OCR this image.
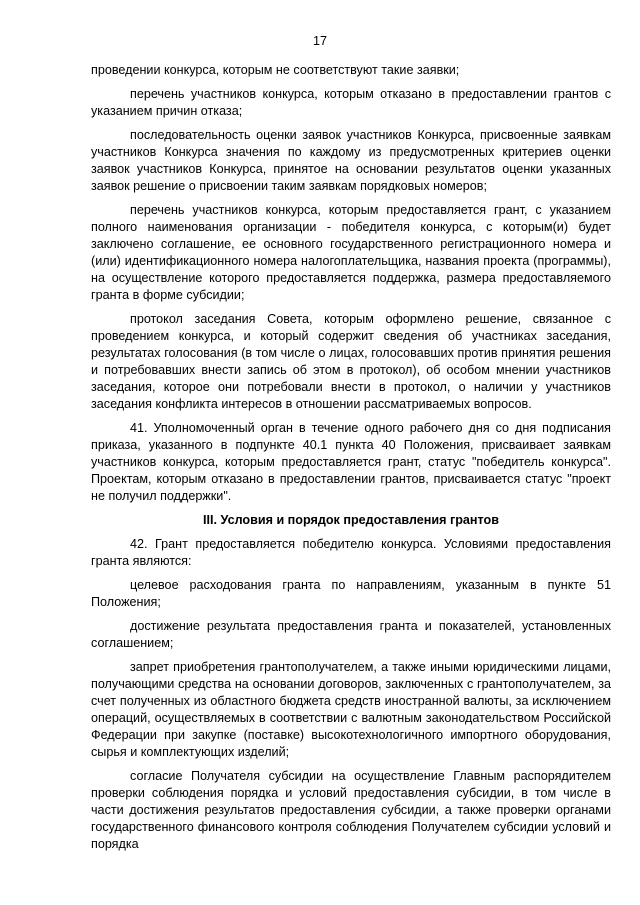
17

проведении конкурса, которым не соответствуют такие заявки;

перечень участников конкурса, которым отказано в предоставлении грантов с указанием причин отказа;

последовательность оценки заявок участников Конкурса, присвоенные заявкам участников Конкурса значения по каждому из предусмотренных критериев оценки заявок участников Конкурса, принятое на основании результатов оценки указанных заявок решение о присвоении таким заявкам порядковых номеров;

перечень участников конкурса, которым предоставляется грант, с указанием полного наименования организации - победителя конкурса, с которым(и) будет заключено соглашение, ее основного государственного регистрационного номера и (или) идентификационного номера налогоплательщика, названия проекта (программы), на осуществление которого предоставляется поддержка, размера предоставляемого гранта в форме субсидии;

протокол заседания Совета, которым оформлено решение, связанное с проведением конкурса, и который содержит сведения об участниках заседания, результатах голосования (в том числе о лицах, голосовавших против принятия решения и потребовавших внести запись об этом в протокол), об особом мнении участников заседания, которое они потребовали внести в протокол, о наличии у участников заседания конфликта интересов в отношении рассматриваемых вопросов.

41. Уполномоченный орган в течение одного рабочего дня со дня подписания приказа, указанного в подпункте 40.1 пункта 40 Положения, присваивает заявкам участников конкурса, которым предоставляется грант, статус "победитель конкурса". Проектам, которым отказано в предоставлении грантов, присваивается статус "проект не получил поддержки".

III. Условия и порядок предоставления грантов

42. Грант предоставляется победителю конкурса. Условиями предоставления гранта являются:

целевое расходования гранта по направлениям, указанным в пункте 51 Положения;

достижение результата предоставления гранта и показателей, установленных соглашением;

запрет приобретения грантополучателем, а также иными юридическими лицами, получающими средства на основании договоров, заключенных с грантополучателем, за счет полученных из областного бюджета средств иностранной валюты, за исключением операций, осуществляемых в соответствии с валютным законодательством Российской Федерации при закупке (поставке) высокотехнологичного импортного оборудования, сырья и комплектующих изделий;

согласие Получателя субсидии на осуществление Главным распорядителем проверки соблюдения порядка и условий предоставления субсидии, в том числе в части достижения результатов предоставления субсидии, а также проверки органами государственного финансового контроля соблюдения Получателем субсидии условий и порядка
